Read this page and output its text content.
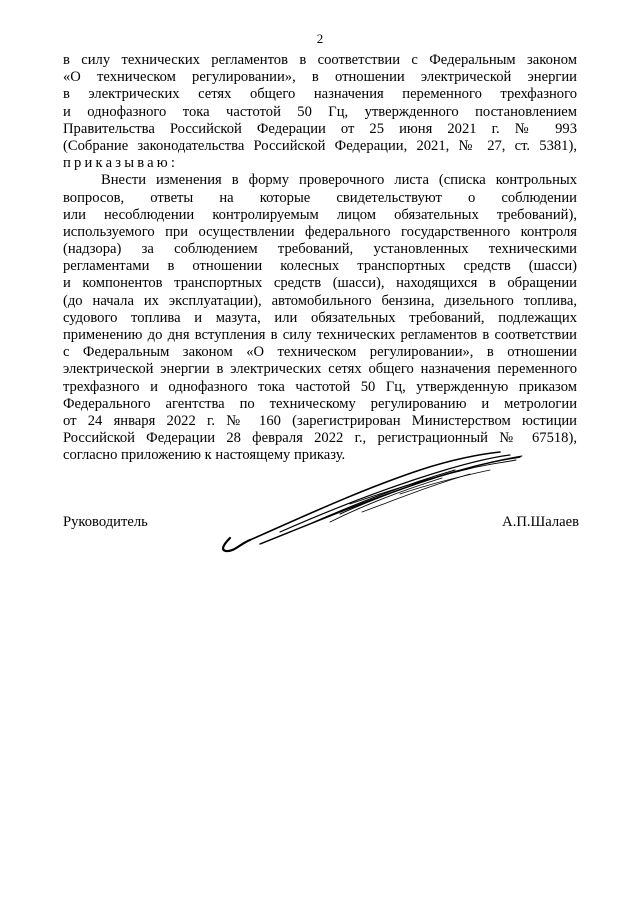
2
в силу технических регламентов в соответствии с Федеральным законом
«О техническом регулировании», в отношении электрической энергии
в электрических сетях общего назначения переменного трехфазного
и однофазного тока частотой 50 Гц, утвержденного постановлением
Правительства Российской Федерации от 25 июня 2021 г. № 993
(Собрание законодательства Российской Федерации, 2021, № 27, ст. 5381),
приказываю:
Внести изменения в форму проверочного листа (списка контрольных
вопросов, ответы на которые свидетельствуют о соблюдении
или несоблюдении контролируемым лицом обязательных требований),
используемого при осуществлении федерального государственного контроля
(надзора) за соблюдением требований, установленных техническими
регламентами в отношении колесных транспортных средств (шасси)
и компонентов транспортных средств (шасси), находящихся в обращении
(до начала их эксплуатации), автомобильного бензина, дизельного топлива,
судового топлива и мазута, или обязательных требований, подлежащих
применению до дня вступления в силу технических регламентов в соответствии
с Федеральным законом «О техническом регулировании», в отношении
электрической энергии в электрических сетях общего назначения переменного
трехфазного и однофазного тока частотой 50 Гц, утвержденную приказом
Федерального агентства по техническому регулированию и метрологии
от 24 января 2022 г. № 160 (зарегистрирован Министерством юстиции
Российской Федерации 28 февраля 2022 г., регистрационный № 67518),
согласно приложению к настоящему приказу.
Руководитель	А.П.Шалаев
